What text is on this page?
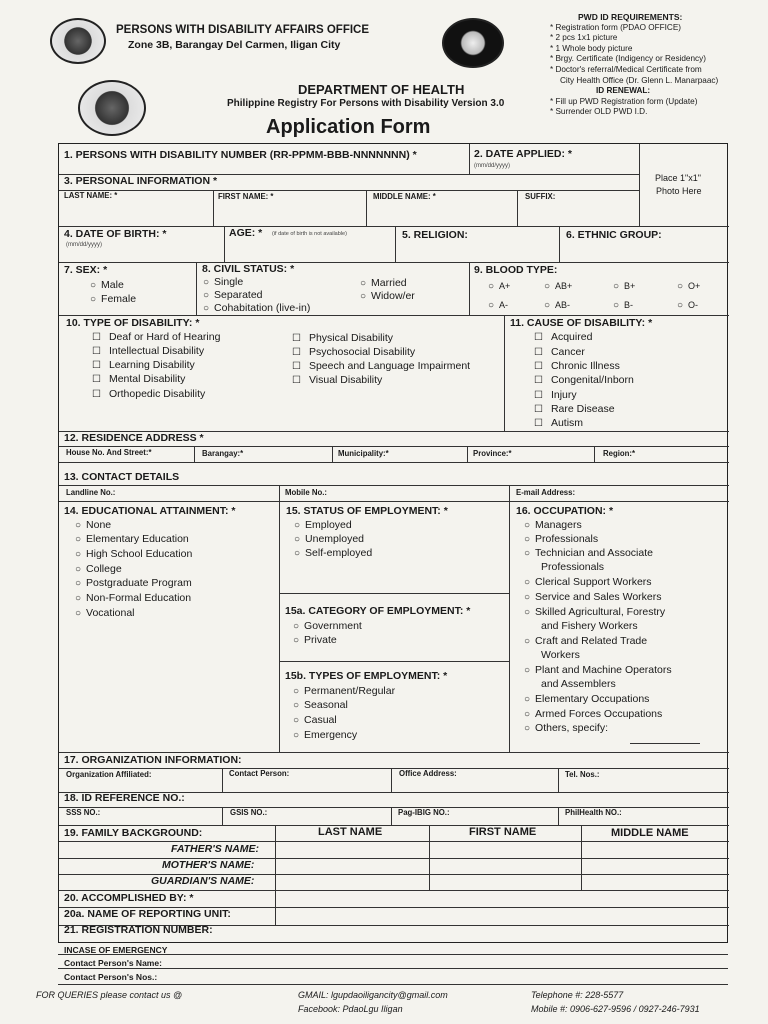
PERSONS WITH DISABILITY AFFAIRS OFFICE
Zone 3B, Barangay Del Carmen, Iligan City
PWD ID REQUIREMENTS:
* Registration form (PDAO OFFICE)
* 2 pcs 1x1 picture
* 1 Whole body picture
* Brgy. Certificate (Indigency or Residency)
* Doctor's referral/Medical Certificate from
City Health Office (Dr. Glenn L. Manarpaac)
ID RENEWAL:
* Fill up PWD Registration form (Update)
* Surrender OLD PWD I.D.
DEPARTMENT OF HEALTH
Philippine Registry For Persons with Disability Version 3.0
Application Form
1. PERSONS WITH DISABILITY NUMBER (RR-PPMM-BBB-NNNNNNN) *	2. DATE APPLIED: *
(mm/dd/yyyy)
Place 1"x1"
Photo Here
3. PERSONAL INFORMATION *
LAST NAME: *	FIRST NAME: *	MIDDLE NAME: *	SUFFIX:
4. DATE OF BIRTH: *
(mm/dd/yyyy)
AGE: * (if date of birth is not available)	5. RELIGION:	6. ETHNIC GROUP:
7. SEX: *
○ Male
○ Female
8. CIVIL STATUS: *
○ Single
○ Separated
○ Cohabitation (live-in)
○ Married
○ Widow/er
9. BLOOD TYPE:
○ A+	○ AB+	○ B+	○ O+
○ A-	○ AB-	○ B-	○ O-
10. TYPE OF DISABILITY: *
☐ Deaf or Hard of Hearing
☐ Intellectual Disability
☐ Learning Disability
☐ Mental Disability
☐ Orthopedic Disability
☐ Physical Disability
☐ Psychosocial Disability
☐ Speech and Language Impairment
☐ Visual Disability
11. CAUSE OF DISABILITY: *
☐ Acquired
☐ Cancer
☐ Chronic Illness
☐ Congenital/Inborn
☐ Injury
☐ Rare Disease
☐ Autism
12. RESIDENCE ADDRESS *
House No. And Street:*	Barangay:*	Municipality:*	Province:*	Region:*
13. CONTACT DETAILS
Landline No.:	Mobile No.:	E-mail Address:
14. EDUCATIONAL ATTAINMENT: *
○ None
○ Elementary Education
○ High School Education
○ College
○ Postgraduate Program
○ Non-Formal Education
○ Vocational
15. STATUS OF EMPLOYMENT: *
○ Employed
○ Unemployed
○ Self-employed
15a. CATEGORY OF EMPLOYMENT: *
○ Government
○ Private
15b. TYPES OF EMPLOYMENT: *
○ Permanent/Regular
○ Seasonal
○ Casual
○ Emergency
16. OCCUPATION: *
○ Managers
○ Professionals
○ Technician and Associate
Professionals
○ Clerical Support Workers
○ Service and Sales Workers
○ Skilled Agricultural, Forestry
and Fishery Workers
○ Craft and Related Trade
Workers
○ Plant and Machine Operators
and Assemblers
○ Elementary Occupations
○ Armed Forces Occupations
○ Others, specify:
17. ORGANIZATION INFORMATION:
Organization Affiliated:	Contact Person:	Office Address:	Tel. Nos.:
18. ID REFERENCE NO.:
SSS NO.:	GSIS NO.:	Pag-IBIG NO.:	PhilHealth NO.:
19. FAMILY BACKGROUND:	LAST NAME	FIRST NAME	MIDDLE NAME
FATHER'S NAME:
MOTHER'S NAME:
GUARDIAN'S NAME:
20. ACCOMPLISHED BY: *
20a. NAME OF REPORTING UNIT:
21. REGISTRATION NUMBER:
INCASE OF EMERGENCY
Contact Person's Name:
Contact Person's Nos.:
FOR QUERIES please contact us @	GMAIL: lgupdaoiligancity@gmail.com
Facebook: PdaoLgu Iligan
Telephone #: 228-5577
Mobile #: 0906-627-9596 / 0927-246-7931
